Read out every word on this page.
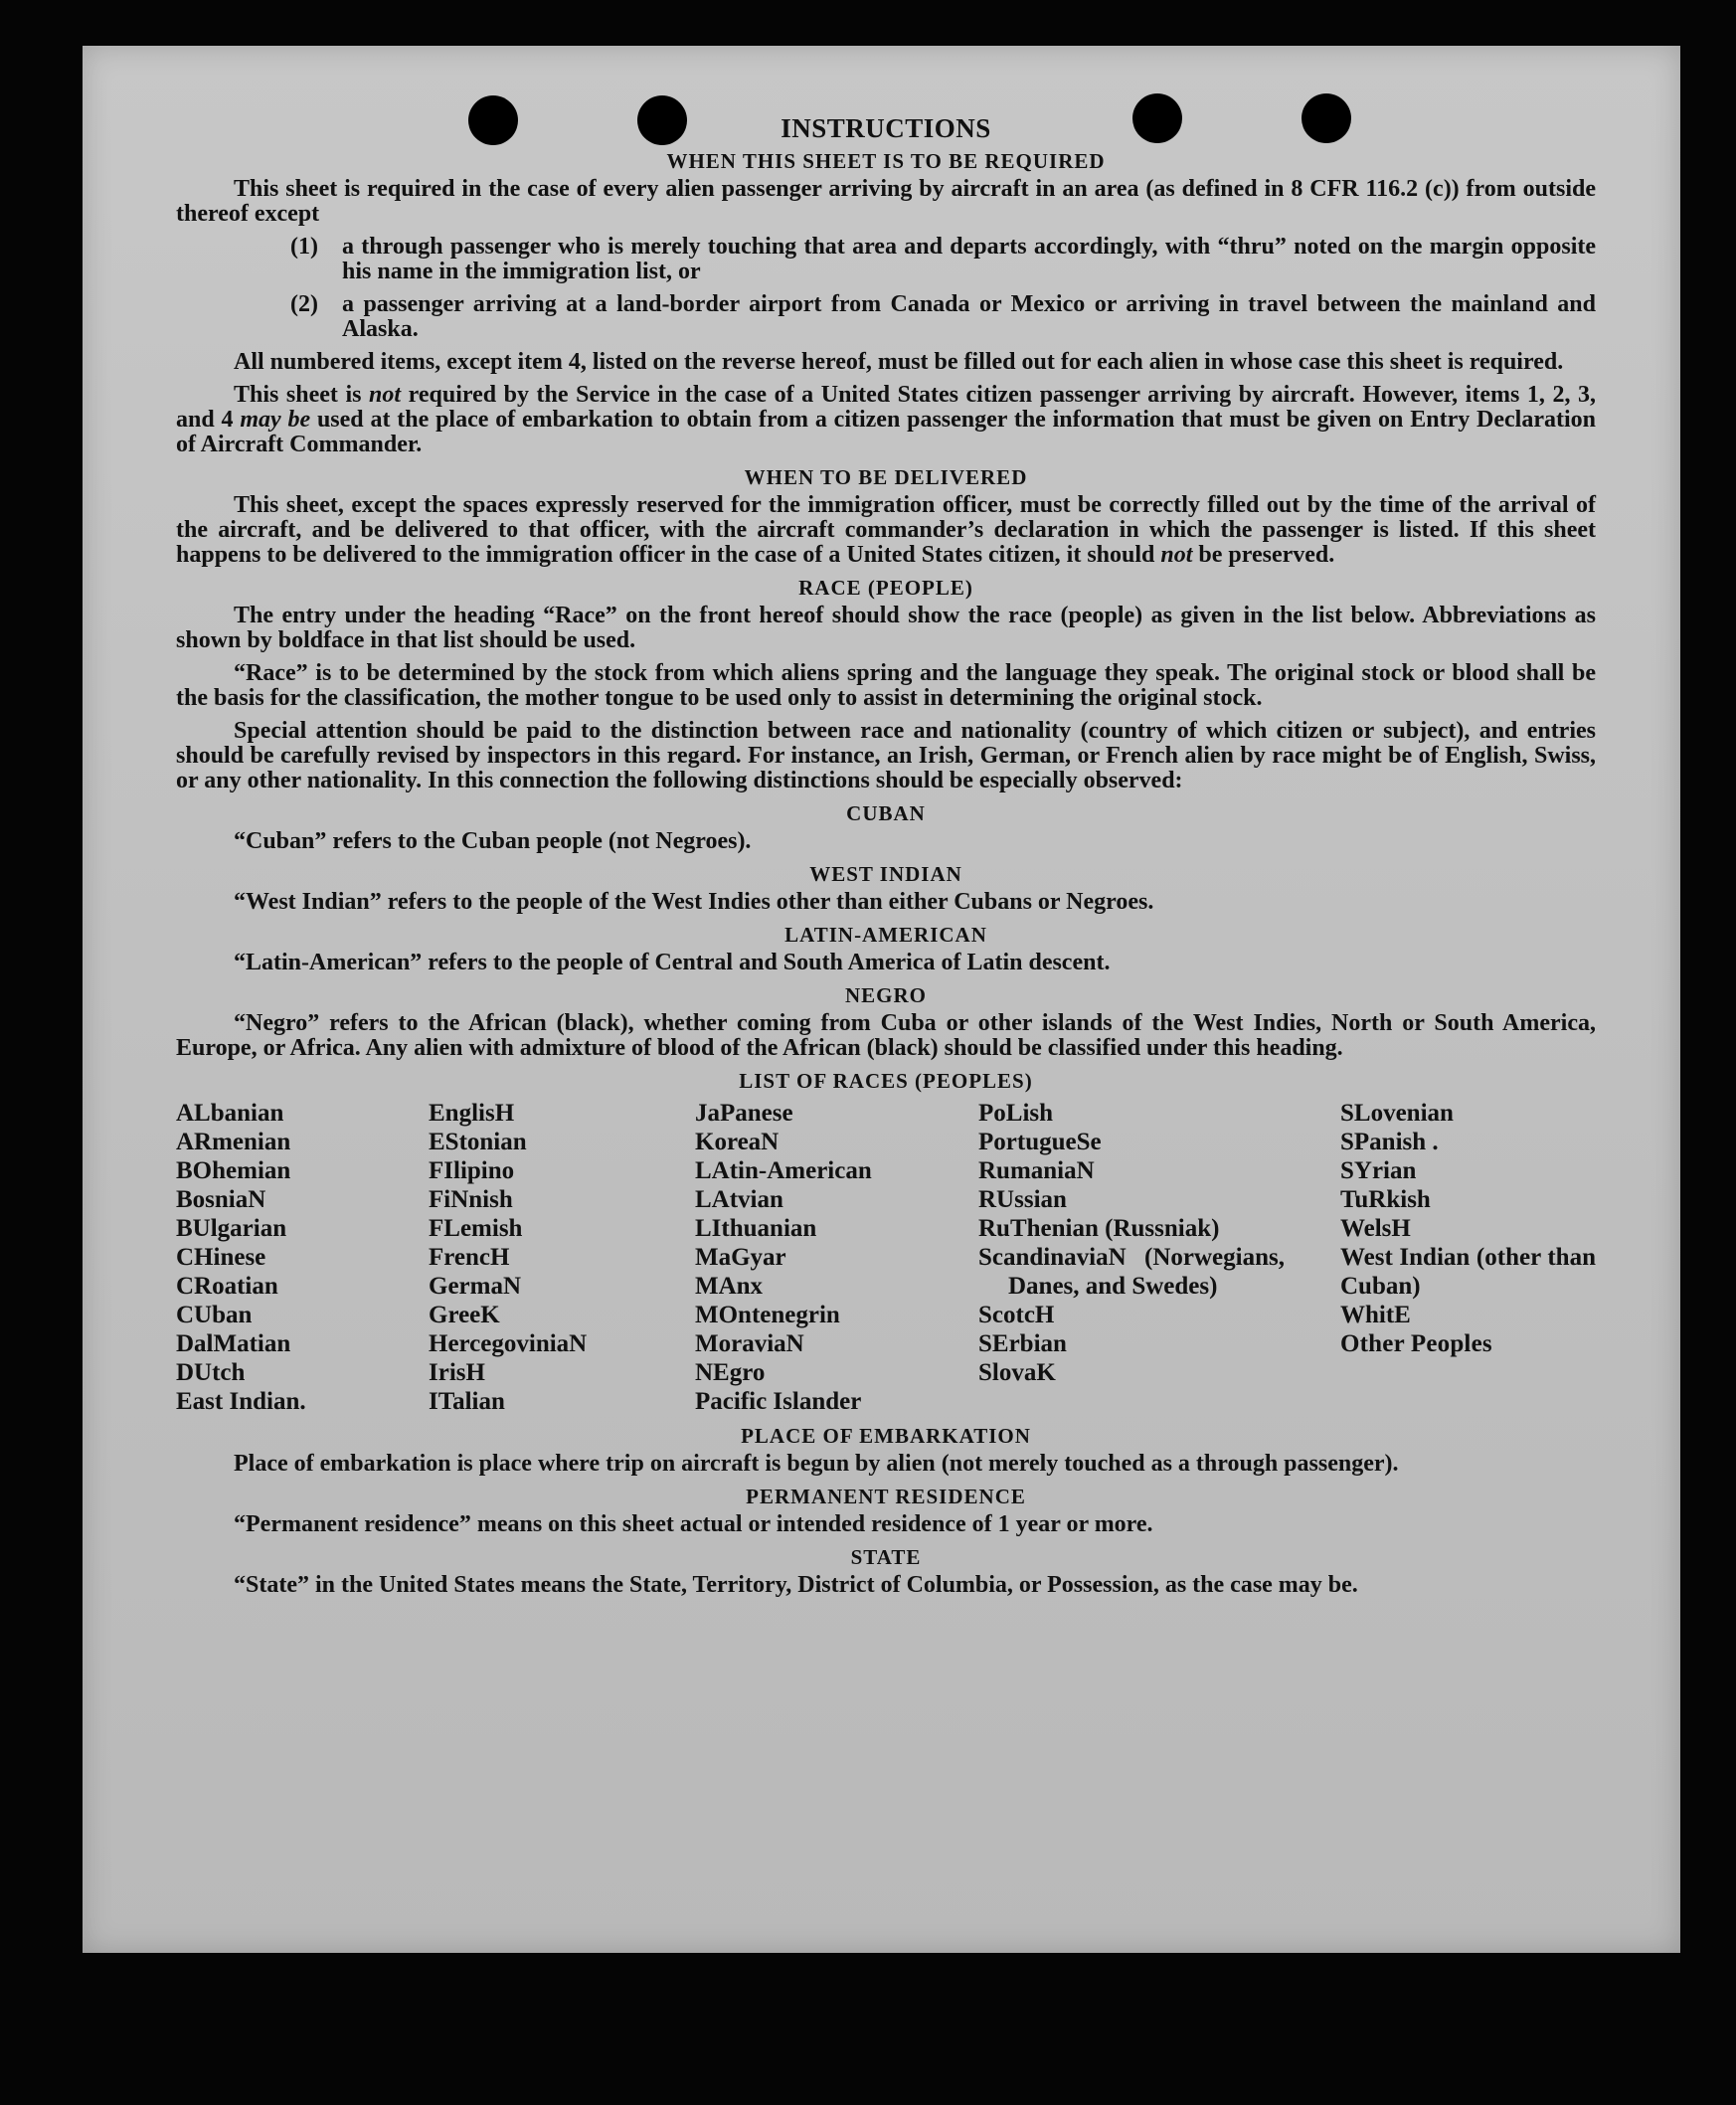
INSTRUCTIONS
WHEN THIS SHEET IS TO BE REQUIRED
This sheet is required in the case of every alien passenger arriving by aircraft in an area (as defined in 8 CFR 116.2 (c)) from outside thereof except
(1)	a through passenger who is merely touching that area and departs accordingly, with “thru” noted on the margin opposite his name in the immigration list, or
(2)	a passenger arriving at a land-border airport from Canada or Mexico or arriving in travel between the mainland and Alaska.
All numbered items, except item 4, listed on the reverse hereof, must be filled out for each alien in whose case this sheet is required.
This sheet is not required by the Service in the case of a United States citizen passenger arriving by aircraft. However, items 1, 2, 3, and 4 may be used at the place of embarkation to obtain from a citizen passenger the information that must be given on Entry Declaration of Aircraft Commander.
WHEN TO BE DELIVERED
This sheet, except the spaces expressly reserved for the immigration officer, must be correctly filled out by the time of the arrival of the aircraft, and be delivered to that officer, with the aircraft commander’s declaration in which the passenger is listed. If this sheet happens to be delivered to the immigration officer in the case of a United States citizen, it should not be preserved.
RACE (PEOPLE)
The entry under the heading “Race” on the front hereof should show the race (people) as given in the list below. Abbreviations as shown by boldface in that list should be used.
“Race” is to be determined by the stock from which aliens spring and the language they speak. The original stock or blood shall be the basis for the classification, the mother tongue to be used only to assist in determining the original stock.
Special attention should be paid to the distinction between race and nationality (country of which citizen or subject), and entries should be carefully revised by inspectors in this regard. For instance, an Irish, German, or French alien by race might be of English, Swiss, or any other nationality. In this connection the following distinctions should be especially observed:
CUBAN
“Cuban” refers to the Cuban people (not Negroes).
WEST INDIAN
“West Indian” refers to the people of the West Indies other than either Cubans or Negroes.
LATIN-AMERICAN
“Latin-American” refers to the people of Central and South America of Latin descent.
NEGRO
“Negro” refers to the African (black), whether coming from Cuba or other islands of the West Indies, North or South America, Europe, or Africa. Any alien with admixture of blood of the African (black) should be classified under this heading.
LIST OF RACES (PEOPLES)
ALbanian
ARmenian
BOhemian
BosniaN
BUlgarian
CHinese
CRoatian
CUban
DalMatian
DUtch
East Indian.
EnglisH
EStonian
FIlipino
FiNnish
FLemish
FrencH
GermaN
GreeK
HercegoviniaN
IrisH
ITalian
JaPanese
KoreaN
LAtin-American
LAtvian
LIthuanian
MaGyar
MAnx
MOntenegrin
MoraviaN
NEgro
Pacific Islander
PoLish
PortugueSe
RumaniaN
RUssian
RuThenian (Russniak)
ScandinaviaN (Norwegians, Danes, and Swedes)
ScotcH
SErbian
SlovaK
SLovenian
SPanish .
SYrian
TuRkish
WelsH
West Indian (other than Cuban)
WhitE
Other Peoples
PLACE OF EMBARKATION
Place of embarkation is place where trip on aircraft is begun by alien (not merely touched as a through passenger).
PERMANENT RESIDENCE
“Permanent residence” means on this sheet actual or intended residence of 1 year or more.
STATE
“State” in the United States means the State, Territory, District of Columbia, or Possession, as the case may be.
